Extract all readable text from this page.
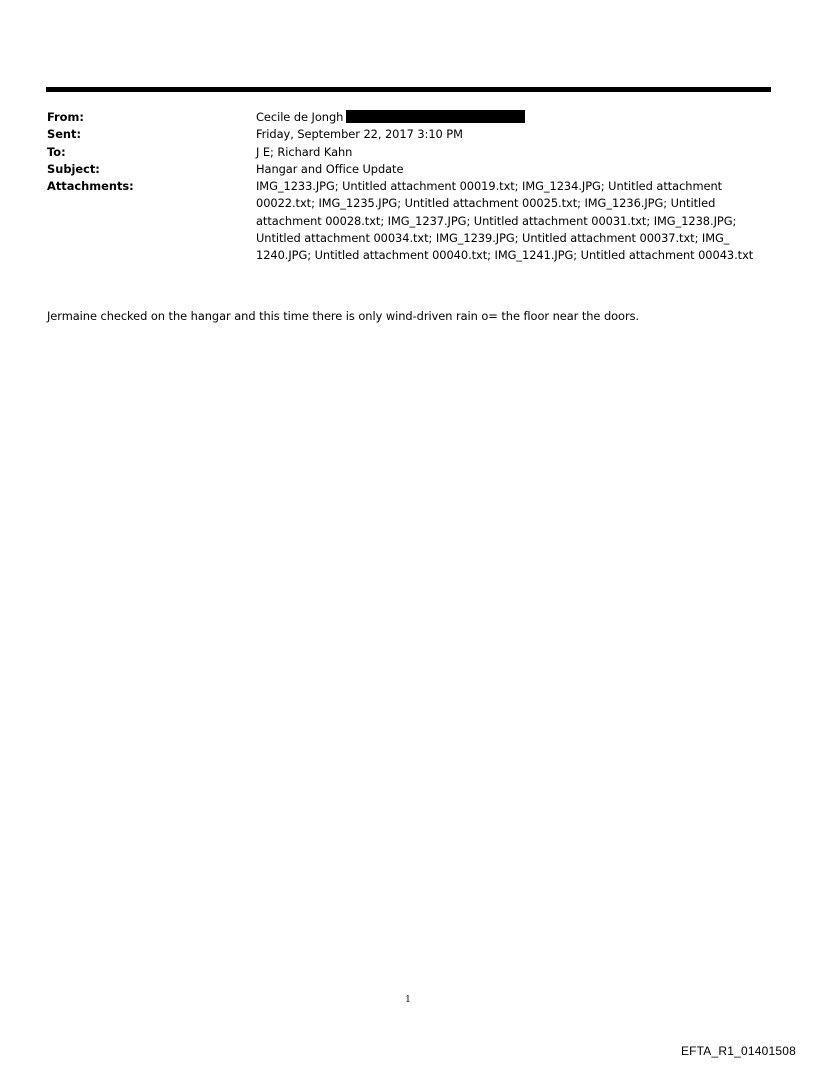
From:	Cecile de Jongh
Sent:	Friday, September 22, 2017 3:10 PM
To:	J E; Richard Kahn
Subject:	Hangar and Office Update
Attachments:	IMG_1233.JPG; Untitled attachment 00019.txt; IMG_1234.JPG; Untitled attachment
00022.txt; IMG_1235.JPG; Untitled attachment 00025.txt; IMG_1236.JPG; Untitled
attachment 00028.txt; IMG_1237.JPG; Untitled attachment 00031.txt; IMG_1238.JPG;
Untitled attachment 00034.txt; IMG_1239.JPG; Untitled attachment 00037.txt; IMG_
1240.JPG; Untitled attachment 00040.txt; IMG_1241.JPG; Untitled attachment 00043.txt
Jermaine checked on the hangar and this time there is only wind-driven rain o= the floor near the doors.
1
EFTA_R1_01401508
